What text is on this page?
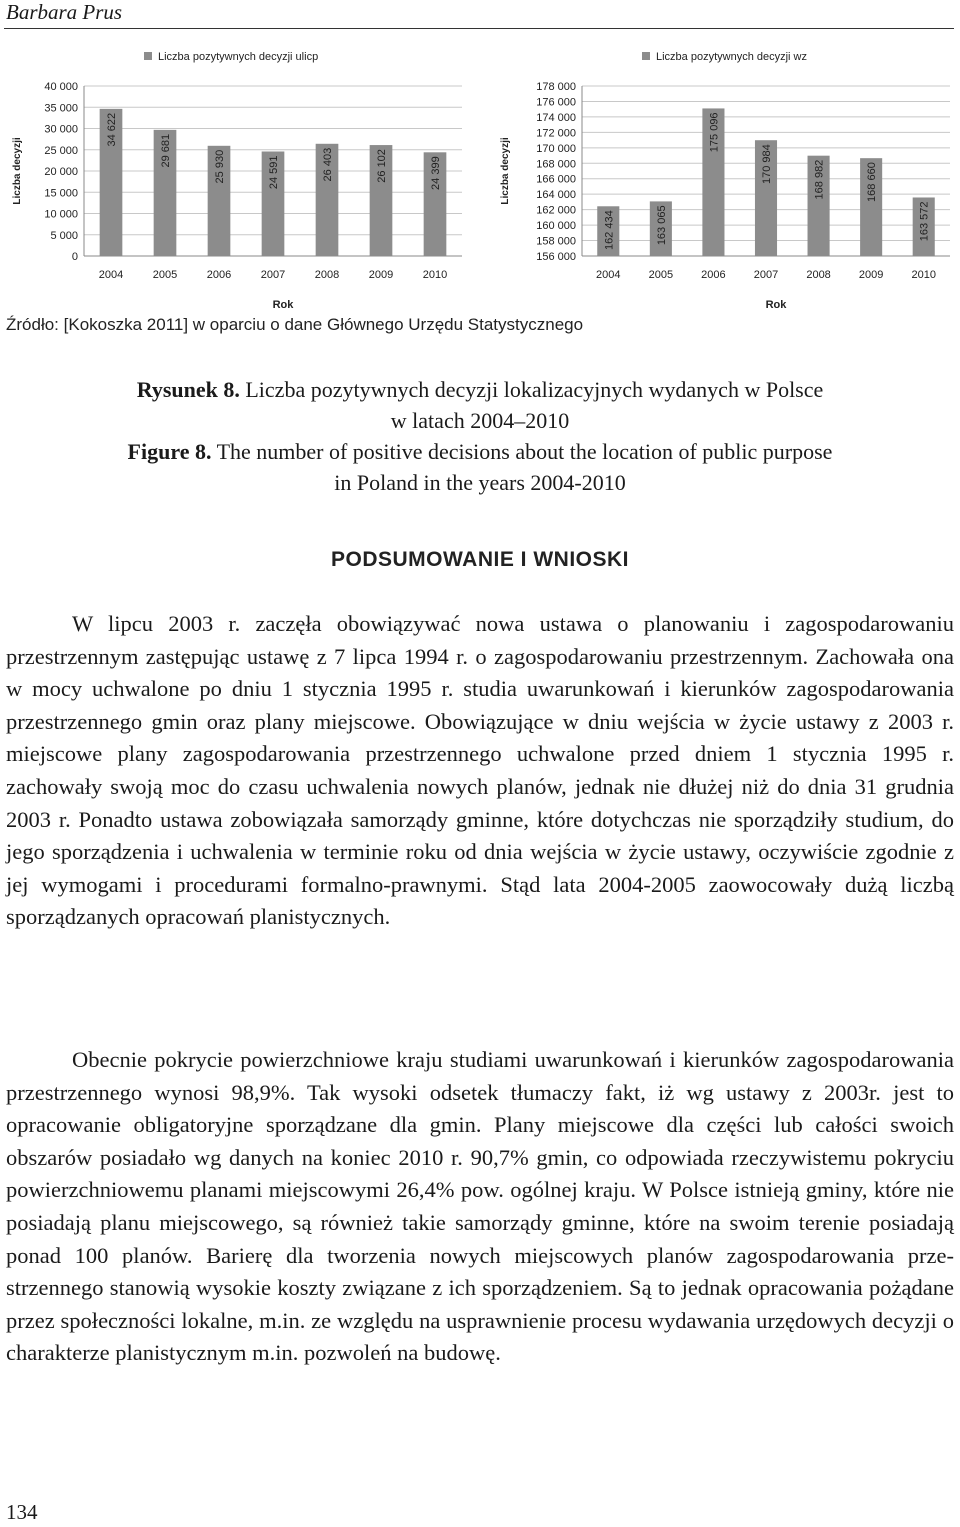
Barbara Prus
Liczba pozytywnych decyzji ulicp
0
5 000
10 000
15 000
20 000
25 000
30 000
35 000
40 000
34 622
2004
29 681
2005
25 930
2006
24 591
2007
26 403
2008
26 102
2009
24 399
2010
Liczba decyzji
Rok
Liczba pozytywnych decyzji wz
156 000
158 000
160 000
162 000
164 000
166 000
168 000
170 000
172 000
174 000
176 000
178 000
162 434
2004
163 065
2005
175 096
2006
170 984
2007
168 982
2008
168 660
2009
163 572
2010
Liczba decyzji
Rok
Źródło: [Kokoszka 2011] w oparciu o dane Głównego Urzędu Statystycznego
Rysunek 8. Liczba pozytywnych decyzji lokalizacyjnych wydanych w Polsce
w latach 2004–2010
Figure 8. The number of positive decisions about the location of public purpose
in Poland in the years 2004-2010
PODSUMOWANIE I WNIOSKI

W lipcu 2003 r. zaczęła obowiązywać nowa ustawa o planowaniu i zagospodarowaniu przestrzennym zastępując ustawę z 7 lipca 1994 r. o zagospodarowaniu przestrzennym. Zachowała ona w mocy uchwalone po dniu 1 stycznia 1995 r. studia uwarunkowań i kierunków zagospodarowania przestrzennego gmin oraz plany miejscowe. Obowiązujące w dniu wejścia w życie ustawy z 2003 r. miejscowe plany zagospodarowania przestrzennego uchwalone przed dniem 1 stycznia 1995 r. zachowały swoją moc do czasu uchwalenia nowych planów, jednak nie dłużej niż do dnia 31 grudnia 2003 r. Ponadto ustawa zobowiązała samorządy gminne, które dotychczas nie sporządziły studium, do jego sporządzenia i uchwalenia w terminie roku od dnia wejścia w życie ustawy, oczywiście zgodnie z jej wymogami i procedurami formalno-prawnymi. Stąd lata 2004-2005 zaowocowały dużą liczbą sporządzanych opracowań planistycznych.

Obecnie pokrycie powierzchniowe kraju studiami uwarunkowań i kierunków zagospodarowania przestrzennego wynosi 98,9%. Tak wysoki odsetek tłumaczy fakt, iż wg ustawy z 2003r. jest to opracowanie obligatoryjne sporządzane dla gmin. Plany miejscowe dla części lub całości swoich obszarów posiadało wg danych na koniec 2010 r. 90,7% gmin, co odpowiada rzeczywistemu pokryciu powierzchniowemu planami miejscowymi 26,4% pow. ogólnej kraju. W Polsce istnieją gminy, które nie posiadają planu miejscowego, są również takie samorządy gminne, które na swoim terenie posiadają ponad 100 planów. Barierę dla tworzenia nowych miejscowych planów zagospodarowania przestrzennego stanowią wysokie koszty związane z ich sporządzeniem. Są to jednak opracowania pożądane przez społeczności lokalne, m.in. ze względu na usprawnienie procesu wydawania urzędowych decyzji o charakterze planistycznym m.in. pozwoleń na budowę.

134
